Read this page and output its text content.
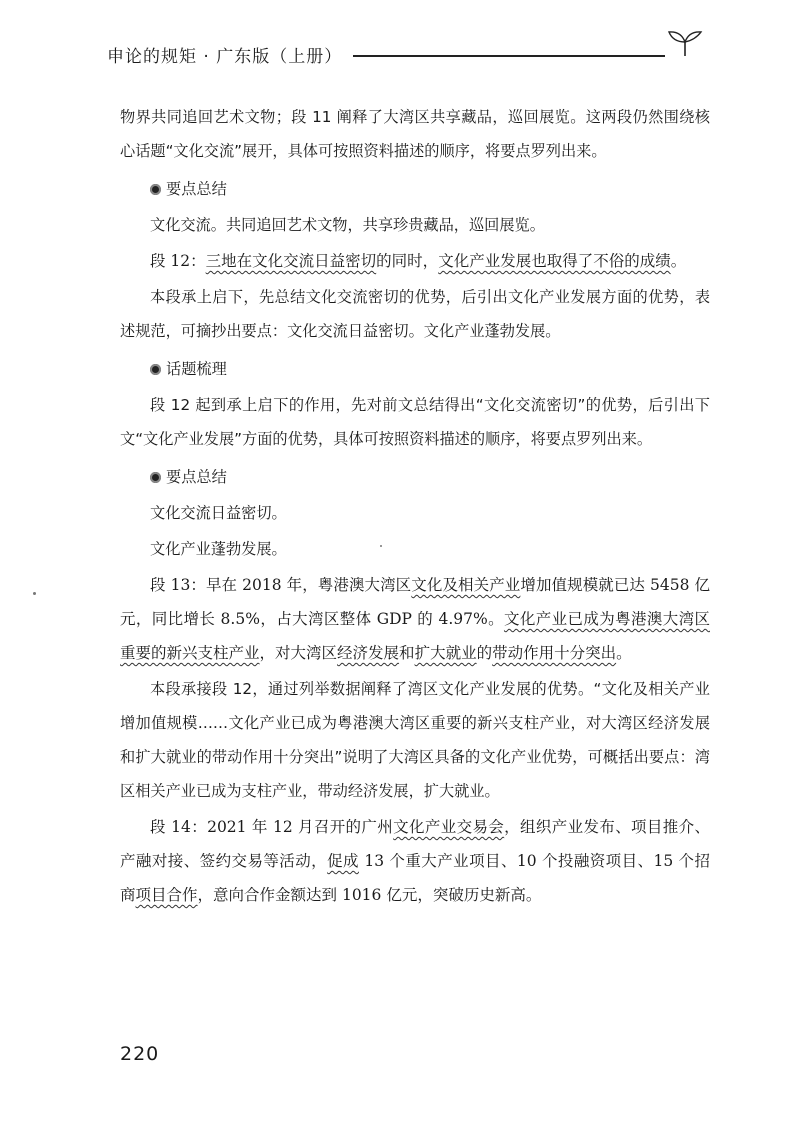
申论的规矩 · 广东版（上册）

物界共同追回艺术文物；段 11 阐释了大湾区共享藏品，巡回展览。这两段仍然围绕核心话题“文化交流”展开，具体可按照资料描述的顺序，将要点罗列出来。

要点总结

文化交流。共同追回艺术文物，共享珍贵藏品，巡回展览。

段 12：三地在文化交流日益密切的同时，文化产业发展也取得了不俗的成绩。

本段承上启下，先总结文化交流密切的优势，后引出文化产业发展方面的优势，表述规范，可摘抄出要点：文化交流日益密切。文化产业蓬勃发展。

话题梳理

段 12 起到承上启下的作用，先对前文总结得出“文化交流密切”的优势，后引出下文“文化产业发展”方面的优势，具体可按照资料描述的顺序，将要点罗列出来。

要点总结

文化交流日益密切。

文化产业蓬勃发展。

段 13：早在 2018 年，粤港澳大湾区文化及相关产业增加值规模就已达 5458 亿元，同比增长 8.5%，占大湾区整体 GDP 的 4.97%。文化产业已成为粤港澳大湾区重要的新兴支柱产业，对大湾区经济发展和扩大就业的带动作用十分突出。

本段承接段 12，通过列举数据阐释了湾区文化产业发展的优势。“文化及相关产业增加值规模……文化产业已成为粤港澳大湾区重要的新兴支柱产业，对大湾区经济发展和扩大就业的带动作用十分突出”说明了大湾区具备的文化产业优势，可概括出要点：湾区相关产业已成为支柱产业，带动经济发展，扩大就业。

段 14：2021 年 12 月召开的广州文化产业交易会，组织产业发布、项目推介、产融对接、签约交易等活动，促成 13 个重大产业项目、10 个投融资项目、15 个招商项目合作，意向合作金额达到 1016 亿元，突破历史新高。

220
